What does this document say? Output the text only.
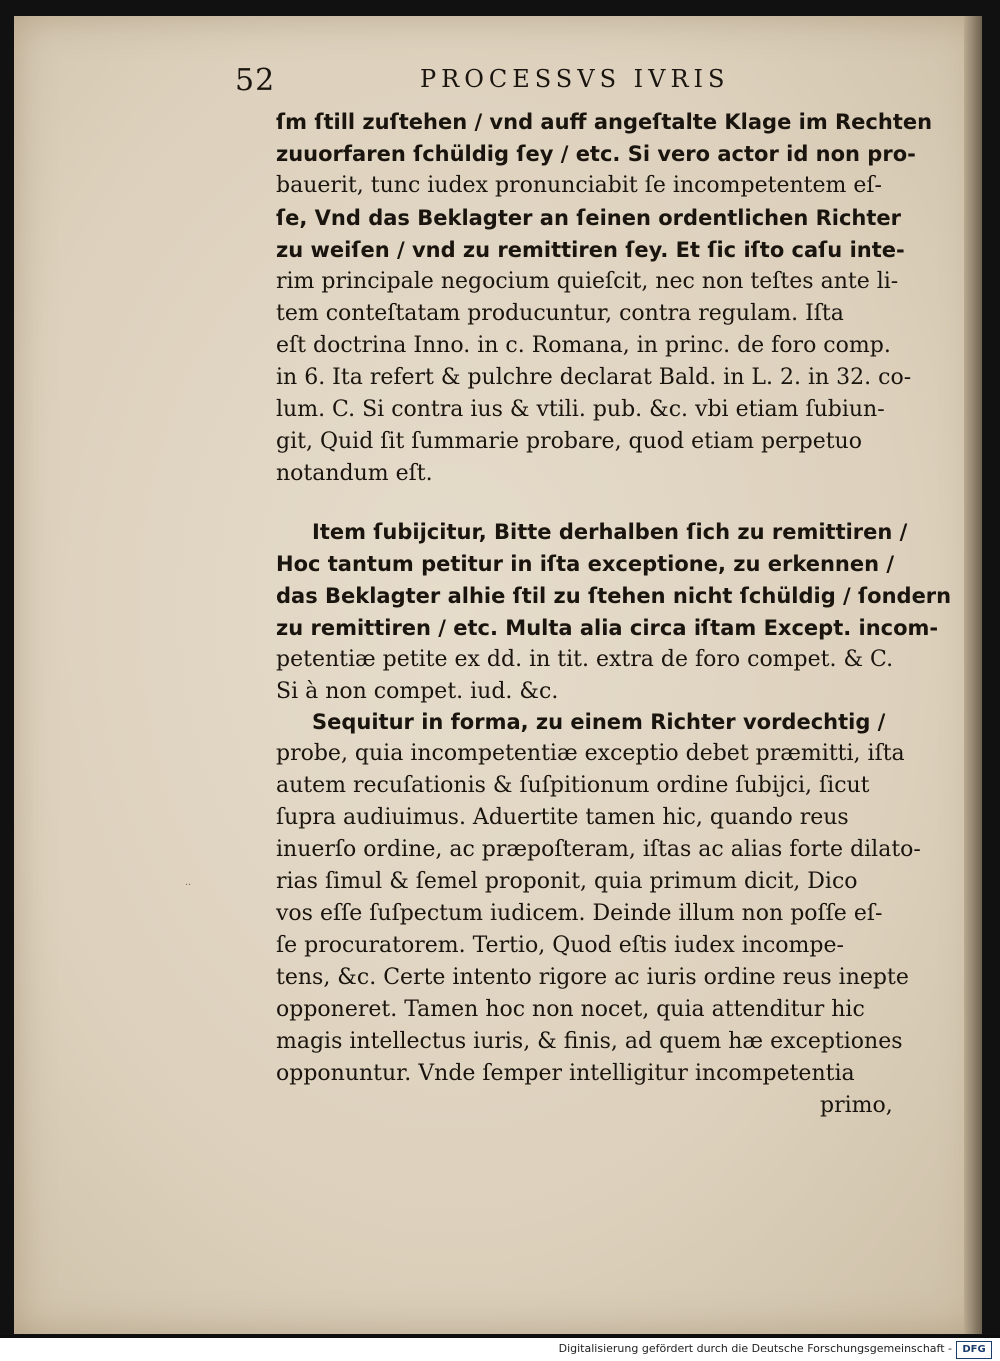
52	PROCESSVS IVRIS
··
ſm ſtill zuſtehen / vnd auff angeſtalte Klage im Rechten
zuuorfaren ſchüldig ſey / etc. Si vero actor id non pro-
bauerit, tunc iudex pronunciabit ſe incompetentem eſ-
ſe, Vnd das Beklagter an ſeinen ordentlichen Richter
zu weiſen / vnd zu remittiren ſey. Et ſic iſto caſu inte-
rim principale negocium quieſcit, nec non teſtes ante li-
tem conteſtatam producuntur, contra regulam. Iſta
eſt doctrina Inno. in c. Romana, in princ. de foro comp.
in 6. Ita refert & pulchre declarat Bald. in L. 2. in 32. co-
lum. C. Si contra ius & vtili. pub. &c. vbi etiam ſubiun-
git, Quid ſit ſummarie probare, quod etiam perpetuo
notandum eſt.
Item ſubijcitur, Bitte derhalben ſich zu remittiren /
Hoc tantum petitur in iſta exceptione, zu erkennen /
das Beklagter alhie ſtil zu ſtehen nicht ſchüldig / ſondern
zu remittiren / etc. Multa alia circa iſtam Except. incom-
petentiæ petite ex dd. in tit. extra de foro compet. & C.
Si à non compet. iud. &c.
Sequitur in forma, zu einem Richter vordechtig /
probe, quia incompetentiæ exceptio debet præmitti, iſta
autem recuſationis & ſuſpitionum ordine ſubijci, ſicut
ſupra audiuimus. Aduertite tamen hic, quando reus
inuerſo ordine, ac præpoſteram, iſtas ac alias forte dilato-
rias ſimul & ſemel proponit, quia primum dicit, Dico
vos eſſe ſuſpectum iudicem. Deinde illum non poſſe eſ-
ſe procuratorem. Tertio, Quod eſtis iudex incompe-
tens, &c. Certe intento rigore ac iuris ordine reus inepte
opponeret. Tamen hoc non nocet, quia attenditur hic
magis intellectus iuris, & finis, ad quem hæ exceptiones
opponuntur. Vnde ſemper intelligitur incompetentia
primo,
Digitalisierung gefördert durch die Deutsche Forschungsgemeinschaft -	DFG
